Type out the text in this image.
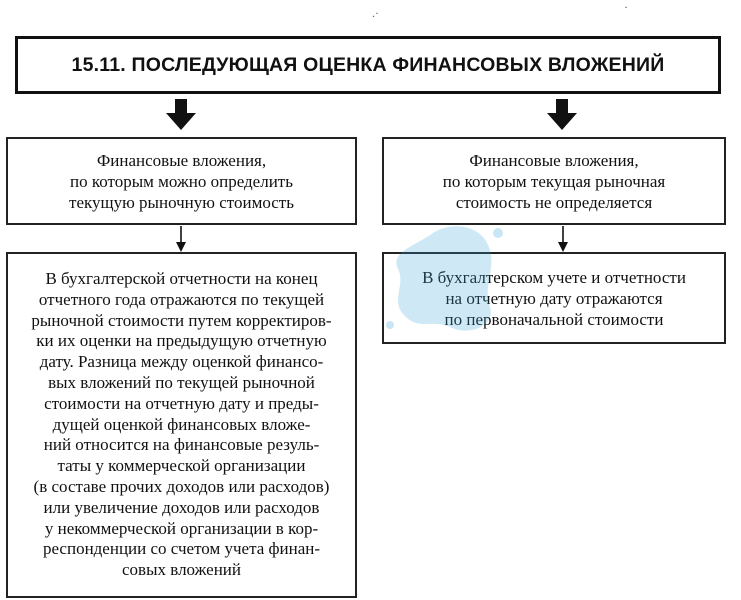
.·	·
15.11. ПОСЛЕДУЮЩАЯ ОЦЕНКА ФИНАНСОВЫХ ВЛОЖЕНИЙ
Финансовые вложения,
по которым можно определить
текущую рыночную стоимость
Финансовые вложения,
по которым текущая рыночная
стоимость не определяется
В бухгалтерской отчетности на конец
отчетного года отражаются по текущей
рыночной стоимости путем корректиров-
ки их оценки на предыдущую отчетную
дату. Разница между оценкой финансо-
вых вложений по текущей рыночной
стоимости на отчетную дату и преды-
дущей оценкой финансовых вложе-
ний относится на финансовые резуль-
таты у коммерческой организации
(в составе прочих доходов или расходов)
или увеличение доходов или расходов
у некоммерческой организации в кор-
респонденции со счетом учета финан-
совых вложений
В бухгалтерском учете и отчетности
на отчетную дату отражаются
по первоначальной стоимости
